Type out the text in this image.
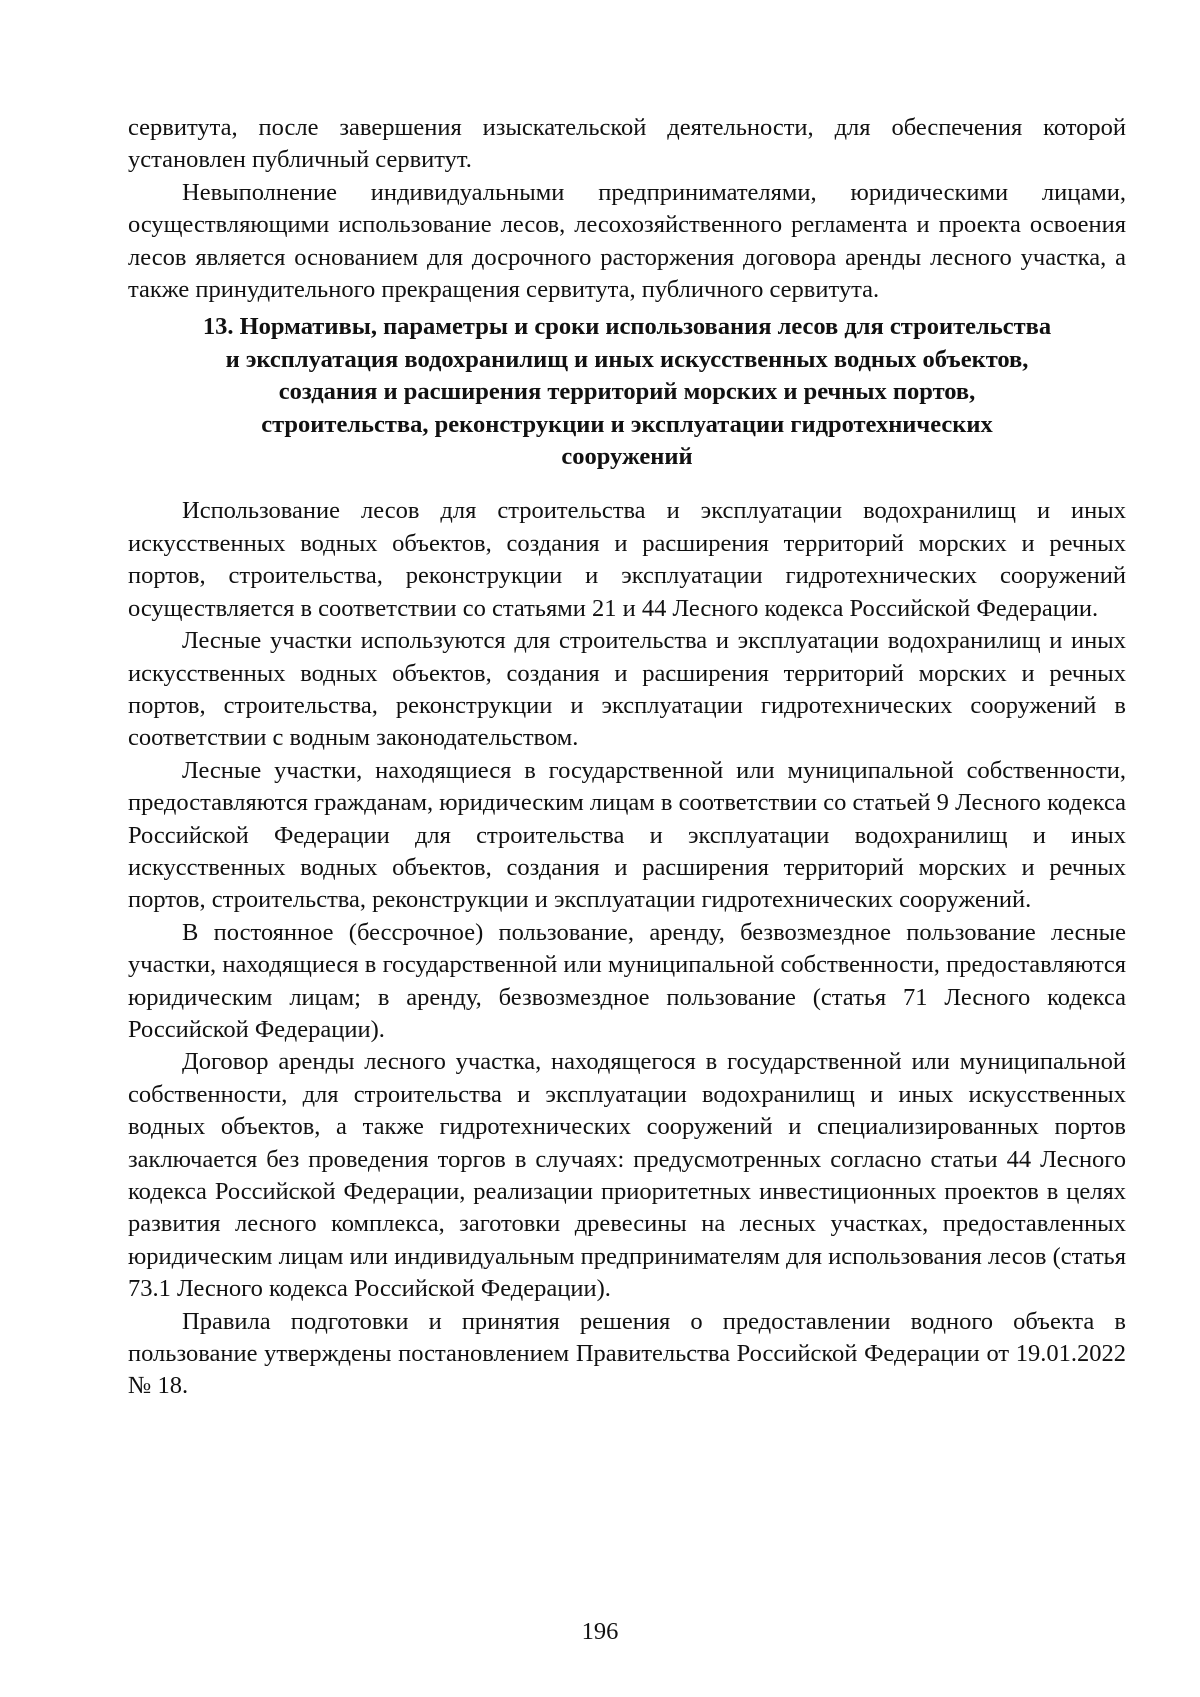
сервитута, после завершения изыскательской деятельности, для обеспечения которой установлен публичный сервитут.

Невыполнение индивидуальными предпринимателями, юридическими лицами, осуществляющими использование лесов, лесохозяйственного регламента и проекта освоения лесов является основанием для досрочного расторжения договора аренды лесного участка, а также принудительного прекращения сервитута, публичного сервитута.

13. Нормативы, параметры и сроки использования лесов для строительства
и эксплуатация водохранилищ и иных искусственных водных объектов,
создания и расширения территорий морских и речных портов,
строительства, реконструкции и эксплуатации гидротехнических
сооружений

Использование лесов для строительства и эксплуатации водохранилищ и иных искусственных водных объектов, создания и расширения территорий морских и речных портов, строительства, реконструкции и эксплуатации гидротехнических сооружений осуществляется в соответствии со статьями 21 и 44 Лесного кодекса Российской Федерации.

Лесные участки используются для строительства и эксплуатации водохранилищ и иных искусственных водных объектов, создания и расширения территорий морских и речных портов, строительства, реконструкции и эксплуатации гидротехнических сооружений в соответствии с водным законодательством.

Лесные участки, находящиеся в государственной или муниципальной собственности, предоставляются гражданам, юридическим лицам в соответствии со статьей 9 Лесного кодекса Российской Федерации для строительства и эксплуатации водохранилищ и иных искусственных водных объектов, создания и расширения территорий морских и речных портов, строительства, реконструкции и эксплуатации гидротехнических сооружений.

В постоянное (бессрочное) пользование, аренду, безвозмездное пользование лесные участки, находящиеся в государственной или муниципальной собственности, предоставляются юридическим лицам; в аренду, безвозмездное пользование (статья 71 Лесного кодекса Российской Федерации).

Договор аренды лесного участка, находящегося в государственной или муниципальной собственности, для строительства и эксплуатации водохранилищ и иных искусственных водных объектов, а также гидротехнических сооружений и специализированных портов заключается без проведения торгов в случаях: предусмотренных согласно статьи 44 Лесного кодекса Российской Федерации, реализации приоритетных инвестиционных проектов в целях развития лесного комплекса, заготовки древесины на лесных участках, предоставленных юридическим лицам или индивидуальным предпринимателям для использования лесов (статья 73.1 Лесного кодекса Российской Федерации).

Правила подготовки и принятия решения о предоставлении водного объекта в пользование утверждены постановлением Правительства Российской Федерации от 19.01.2022 № 18.

196
